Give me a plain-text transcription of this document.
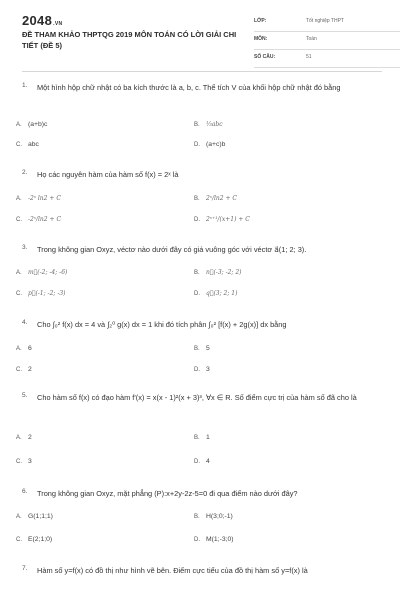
2048.VN
ĐỀ THAM KHẢO THPTQG 2019 MÔN TOÁN CÓ LỜI GIẢI CHI TIẾT (ĐỀ 5)
LỚP:	Tốt nghiệp THPT
MÔN:	Toán
SỐ CÂU:	51
1. Một hình hộp chữ nhật có ba kích thước là a, b, c. Thể tích V của khối hộp chữ nhật đó bằng
A. (a+b)c	B. ⅓abc
C. abc	D. (a+c)b
2. Họ các nguyên hàm của hàm số f(x) = 2ˣ là
A. -2ˣ ln2 + C	B. 2ˣ/ln2 + C
C. -2ˣ/ln2 + C	D. 2ˣ⁺¹/(x+1) + C
3. Trong không gian Oxyz, véctơ nào dưới đây có giá vuông góc với véctơ a⃗(1; 2; 3).
A. m⃗(-2; -4; -6)	B. n⃗(-3; -2; 2)
C. p⃗(-1; -2; -3)	D. q⃗(3; 2; 1)
4. Cho ∫₀² f(x) dx = 4 và ∫₂⁰ g(x) dx = 1 khi đó tích phân ∫₀² [f(x) + 2g(x)] dx bằng
A. 6	B. 5
C. 2	D. 3
5. Cho hàm số f(x) có đạo hàm f'(x) = x(x - 1)²(x + 3)³, ∀x ∈ R. Số điểm cực trị của hàm số đã cho là
A. 2	B. 1
C. 3	D. 4
6. Trong không gian Oxyz, mặt phẳng (P):x+2y-2z-5=0 đi qua điểm nào dưới đây?
A. G(1;1;1)	B. H(3;0;-1)
C. E(2;1;0)	D. M(1;-3;0)
7. Hàm số y=f(x) có đồ thị như hình vẽ bên. Điểm cực tiểu của đồ thị hàm số y=f(x) là
